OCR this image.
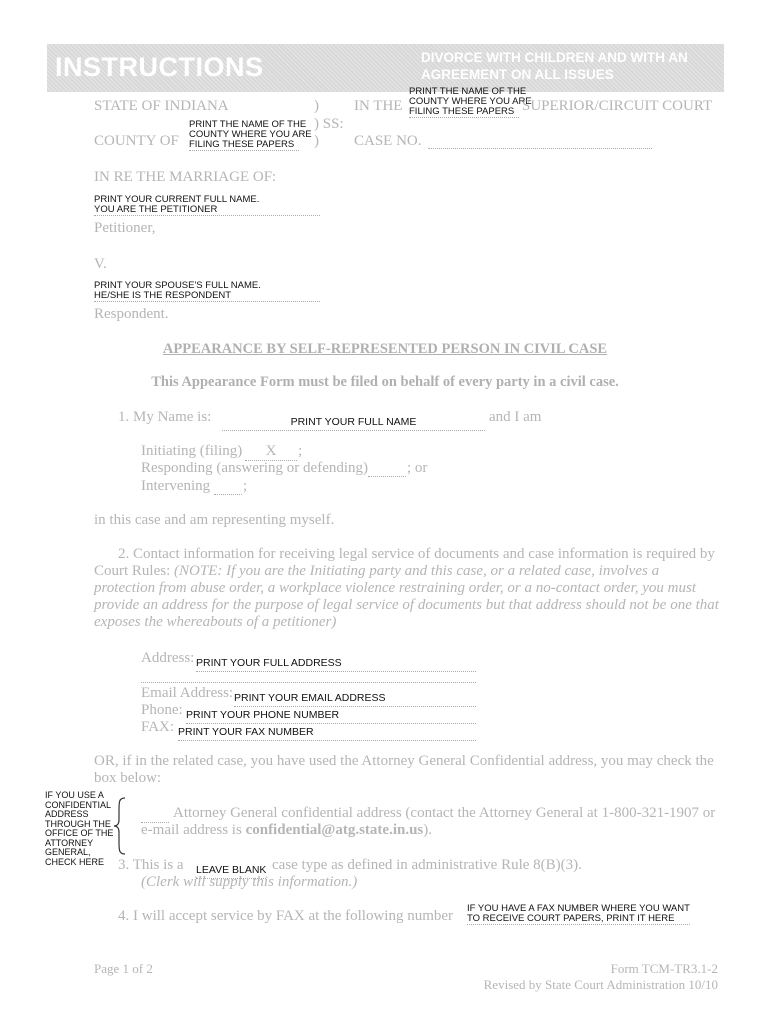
INSTRUCTIONS	DIVORCE WITH CHILDREN AND WITH AN
AGREEMENT ON ALL ISSUES
STATE OF INDIANA	)
) SS:
)
PRINT THE NAME OF THE
COUNTY WHERE YOU ARE
FILING THESE PAPERS
COUNTY OF
IN THE
PRINT THE NAME OF THE
COUNTY WHERE YOU ARE
FILING THESE PAPERS SUPERIOR/CIRCUIT COURT
CASE NO.
IN RE THE MARRIAGE OF:
PRINT YOUR CURRENT FULL NAME.
YOU ARE THE PETITIONER
Petitioner,
V.
PRINT YOUR SPOUSE'S FULL NAME.
HE/SHE IS THE RESPONDENT
Respondent.
APPEARANCE BY SELF-REPRESENTED PERSON IN CIVIL CASE
This Appearance Form must be filed on behalf of every party in a civil case.
1. My Name is:	PRINT YOUR FULL NAME	and I am
Initiating (filing)	X	;
Responding (answering or defending)	; or
Intervening ;
in this case and am representing myself.
2. Contact information for receiving legal service of documents and case information is required by
Court Rules: (NOTE: If you are the Initiating party and this case, or a related case, involves a
protection from abuse order, a workplace violence restraining order, or a no-contact order, you must
provide an address for the purpose of legal service of documents but that address should not be one that
exposes the whereabouts of a petitioner)
Address: PRINT YOUR FULL ADDRESS
Email Address: PRINT YOUR EMAIL ADDRESS
Phone: PRINT YOUR PHONE NUMBER
FAX: PRINT YOUR FAX NUMBER
OR, if in the related case, you have used the Attorney General Confidential address, you may check the
box below:
IF YOU USE A
CONFIDENTIAL
ADDRESS
THROUGH THE
OFFICE OF THE
ATTORNEY
GENERAL,
CHECK HERE
Attorney General confidential address (contact the Attorney General at 1-800-321-1907 or
e-mail address is confidential@atg.state.in.us).
3. This is a LEAVE BLANK case type as defined in administrative Rule 8(B)(3).
(Clerk will supply this information.)
4. I will accept service by FAX at the following number IF YOU HAVE A FAX NUMBER WHERE YOU WANT
TO RECEIVE COURT PAPERS, PRINT IT HERE
Page 1 of 2	Form TCM-TR3.1-2
Revised by State Court Administration 10/10
